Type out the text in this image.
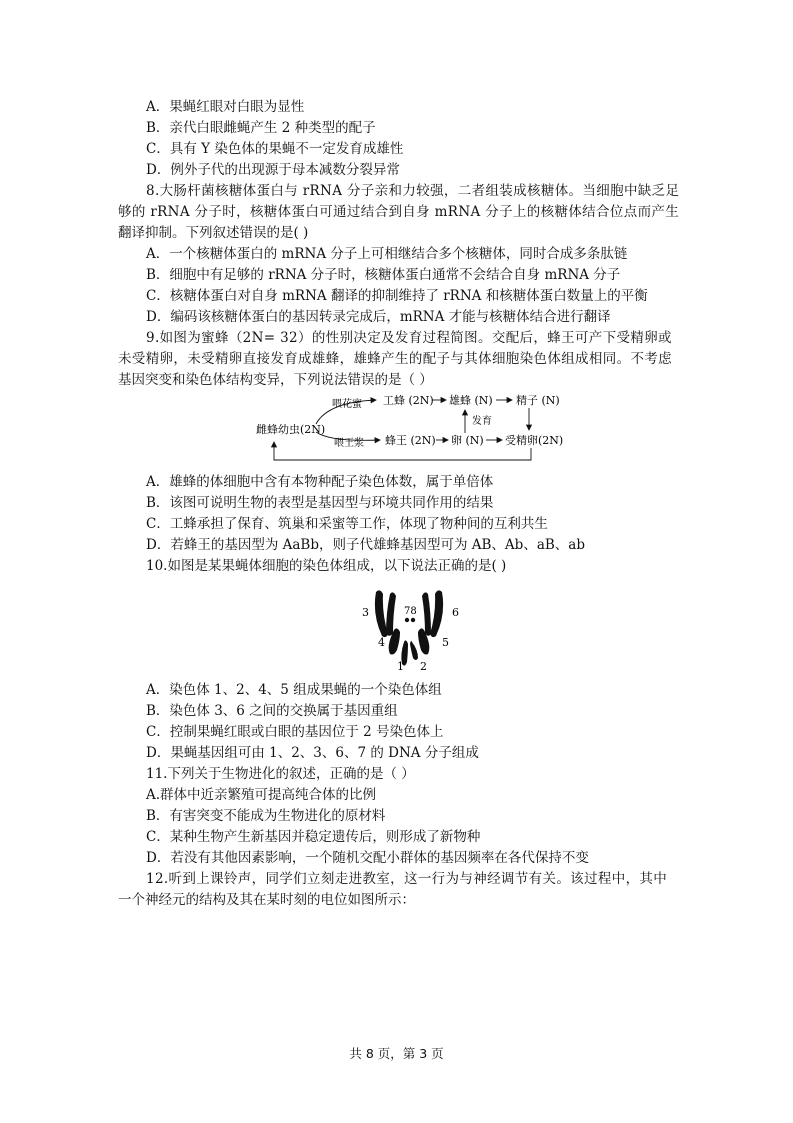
A．果蝇红眼对白眼为显性
B．亲代白眼雌蝇产生 2 种类型的配子
C．具有 Y 染色体的果蝇不一定发育成雄性
D．例外子代的出现源于母本减数分裂异常
8.大肠杆菌核糖体蛋白与 rRNA 分子亲和力较强，二者组装成核糖体。当细胞中缺乏足
够的 rRNA 分子时，核糖体蛋白可通过结合到自身 mRNA 分子上的核糖体结合位点而产生
翻译抑制。下列叙述错误的是( )
A．一个核糖体蛋白的 mRNA 分子上可相继结合多个核糖体，同时合成多条肽链
B．细胞中有足够的 rRNA 分子时，核糖体蛋白通常不会结合自身 mRNA 分子
C．核糖体蛋白对自身 mRNA 翻译的抑制维持了 rRNA 和核糖体蛋白数量上的平衡
D．编码该核糖体蛋白的基因转录完成后，mRNA 才能与核糖体结合进行翻译
9.如图为蜜蜂（2N= 32）的性别决定及发育过程简图。交配后，蜂王可产下受精卵或
未受精卵，未受精卵直接发育成雄蜂，雄蜂产生的配子与其体细胞染色体组成相同。不考虑
基因突变和染色体结构变异，下列说法错误的是（ ）
雌蜂幼虫(2N)
喂花蜜
喂王浆
工蜂 (2N) 雄蜂 (N) 精子 (N)
发育
蜂王 (2N) 卵 (N) 受精卵(2N)
A．雄蜂的体细胞中含有本物种配子染色体数，属于单倍体
B．该图可说明生物的表型是基因型与环境共同作用的结果
C．工蜂承担了保育、筑巢和采蜜等工作，体现了物种间的互利共生
D．若蜂王的基因型为 AaBb，则子代雄蜂基因型可为 AB、Ab、aB、ab
10.如图是某果蝇体细胞的染色体组成，以下说法正确的是( )
3	6
78
4	5
1 2
A．染色体 1、2、4、5 组成果蝇的一个染色体组
B．染色体 3、6 之间的交换属于基因重组
C．控制果蝇红眼或白眼的基因位于 2 号染色体上
D．果蝇基因组可由 1、2、3、6、7 的 DNA 分子组成
11.下列关于生物进化的叙述，正确的是（ ）
A.群体中近亲繁殖可提高纯合体的比例
B．有害突变不能成为生物进化的原材料
C．某种生物产生新基因并稳定遗传后，则形成了新物种
D．若没有其他因素影响，一个随机交配小群体的基因频率在各代保持不变
12.听到上课铃声，同学们立刻走进教室，这一行为与神经调节有关。该过程中，其中
一个神经元的结构及其在某时刻的电位如图所示：
共 8 页，第 3 页
